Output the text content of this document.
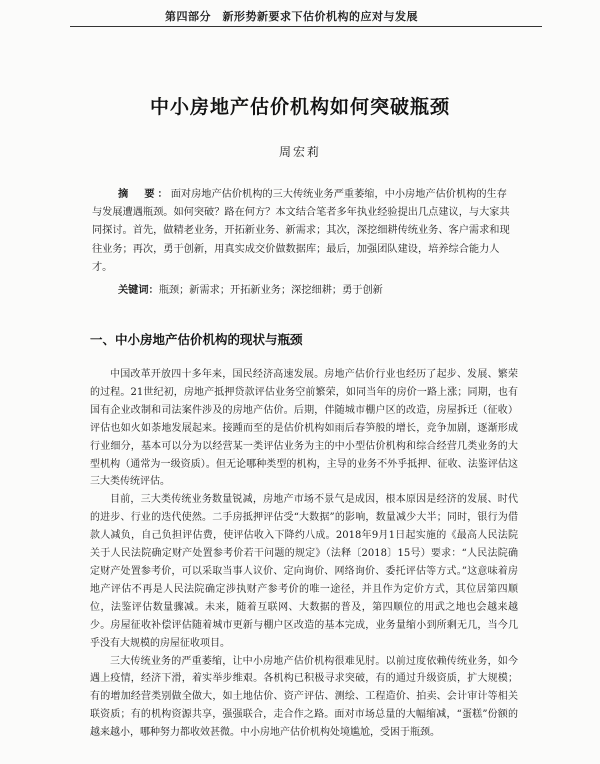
第四部分　新形势新要求下估价机构的应对与发展
中小房地产估价机构如何突破瓶颈
周宏莉
摘　要：面对房地产估价机构的三大传统业务严重萎缩，中小房地产估价机构的生存与发展遭遇瓶颈。如何突破？路在何方？本文结合笔者多年执业经验提出几点建议，与大家共同探讨。首先，做精老业务，开拓新业务、新需求；其次，深挖细耕传统业务、客户需求和现往业务；再次，勇于创新，用真实成交价做数据库；最后，加强团队建设，培养综合能力人才。
关键词：瓶颈；新需求；开拓新业务；深挖细耕；勇于创新
一、中小房地产估价机构的现状与瓶颈

中国改革开放四十多年来，国民经济高速发展。房地产估价行业也经历了起步、发展、繁荣的过程。21世纪初，房地产抵押贷款评估业务空前繁荣，如同当年的房价一路上涨；同期，也有国有企业改制和司法案件涉及的房地产估价。后期，伴随城市棚户区的改造，房屋拆迁（征收）评估也如火如荼地发展起来。接踵而至的是估价机构如雨后春笋般的增长，竞争加剧，逐渐形成行业细分，基本可以分为以经营某一类评估业务为主的中小型估价机构和综合经营几类业务的大型机构（通常为一级资质）。但无论哪种类型的机构，主导的业务不外乎抵押、征收、法鉴评估这三大类传统评估。

目前，三大类传统业务数量锐减，房地产市场不景气是成因，根本原因是经济的发展、时代的进步、行业的迭代使然。二手房抵押评估受“大数据”的影响，数量减少大半；同时，银行为借款人减负，自己负担评估费，使评估收入下降约八成。2018年9月1日起实施的《最高人民法院关于人民法院确定财产处置参考价若干问题的规定》（法释〔2018〕15号）要求：“人民法院确定财产处置参考价，可以采取当事人议价、定向询价、网络询价、委托评估等方式。”这意味着房地产评估不再是人民法院确定涉执财产参考价的唯一途径，并且作为定价方式，其位居第四顺位，法鉴评估数量骤减。未来，随着互联网、大数据的普及，第四顺位的用武之地也会越来越少。房屋征收补偿评估随着城市更新与棚户区改造的基本完成，业务量缩小到所剩无几，当今几乎没有大规模的房屋征收项目。

三大传统业务的严重萎缩，让中小房地产估价机构很难见肘。以前过度依赖传统业务，如今遇上疫情，经济下滑，着实举步维艰。各机构已积极寻求突破，有的通过升级资质，扩大规模；有的增加经营类别做全做大，如土地估价、资产评估、测绘、工程造价、拍卖、会计审计等相关联资质；有的机构资源共享，强强联合，走合作之路。面对市场总量的大幅缩减，“蛋糕”份额的越来越小，哪种努力都收效甚微。中小房地产估价机构处境尴尬，受困于瓶颈。
